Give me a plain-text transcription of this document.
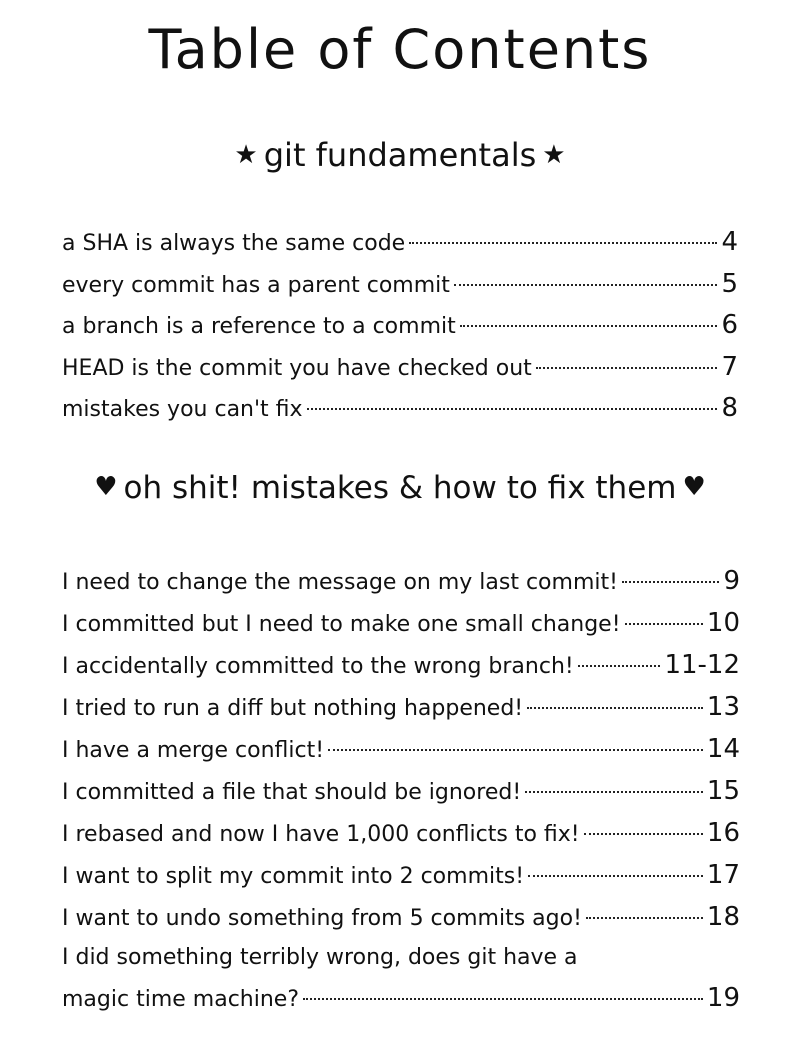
Table of Contents
★ git fundamentals ★
a SHA is always the same code	4
every commit has a parent commit	5
a branch is a reference to a commit	6
HEAD is the commit you have checked out	7
mistakes you can't fix	8
♥ oh shit! mistakes & how to fix them ♥
I need to change the message on my last commit!	9
I committed but I need to make one small change!	10
I accidentally committed to the wrong branch!	11-12
I tried to run a diff but nothing happened!	13
I have a merge conflict!	14
I committed a file that should be ignored!	15
I rebased and now I have 1,000 conflicts to fix!	16
I want to split my commit into 2 commits!	17
I want to undo something from 5 commits ago!	18
I did something terribly wrong, does git have a
magic time machine?	19
